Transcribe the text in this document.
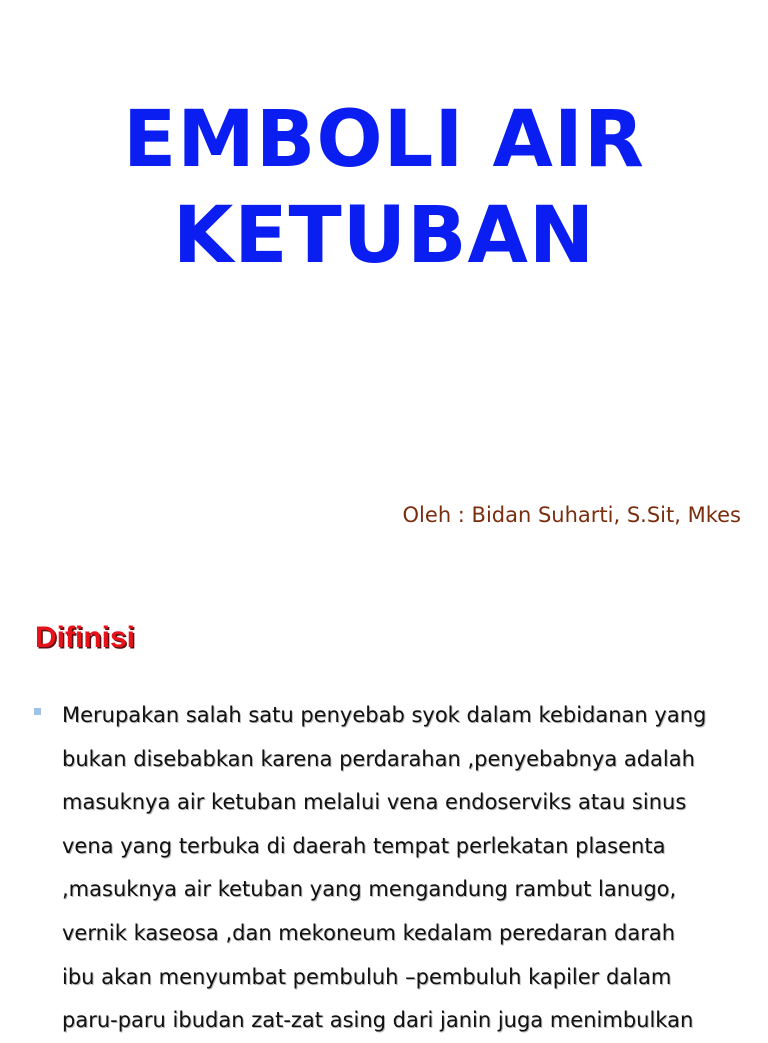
EMBOLI AIR
KETUBAN
Oleh : Bidan Suharti, S.Sit, Mkes
Difinisi
Merupakan salah satu penyebab syok dalam kebidanan yang
bukan disebabkan karena perdarahan ,penyebabnya adalah
masuknya air ketuban melalui vena endoserviks atau sinus
vena yang terbuka di daerah tempat perlekatan plasenta
,masuknya air ketuban yang mengandung rambut lanugo,
vernik kaseosa ,dan mekoneum kedalam peredaran darah
ibu akan menyumbat pembuluh –pembuluh kapiler dalam
paru-paru ibudan zat-zat asing dari janin juga menimbulkan
